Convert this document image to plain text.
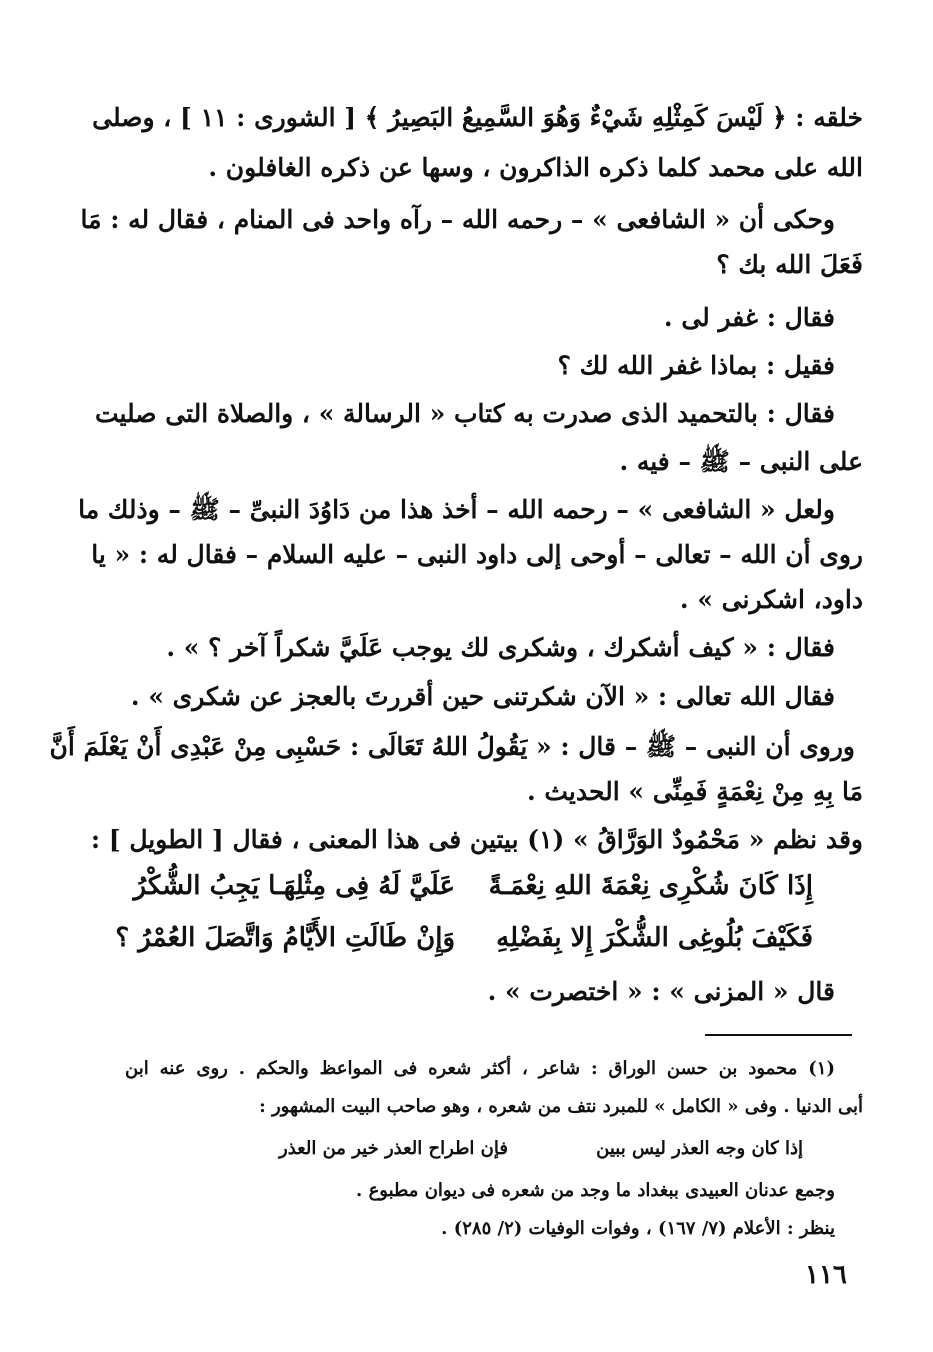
خلقه : ﴿ لَيْسَ كَمِثْلِهِ شَيْءٌ وَهُوَ السَّمِيعُ البَصِيرُ ﴾ [ الشورى : ١١ ] ، وصلى
الله على محمد كلما ذكره الذاكرون ، وسها عن ذكره الغافلون .
وحكى أن « الشافعى » – رحمه الله – رآه واحد فى المنام ، فقال له : مَا
فَعَلَ الله بك ؟
فقال : غفر لى .
فقيل : بماذا غفر الله لك ؟
فقال : بالتحميد الذى صدرت به كتاب « الرسالة » ، والصلاة التى صليت
على النبى – ﷺ – فيه .
ولعل « الشافعى » – رحمه الله – أخذ هذا من دَاوُدَ النبىِّ – ﷺ – وذلك ما
روى أن الله – تعالى – أوحى إلى داود النبى – عليه السلام – فقال له : « يا
داود، اشكرنى » .
فقال : « كيف أشكرك ، وشكرى لك يوجب عَلَيَّ شكراً آخر ؟ » .
فقال الله تعالى : « الآن شكرتنى حين أقررتَ بالعجز عن شكرى » .
وروى أن النبى – ﷺ – قال : « يَقُولُ اللهُ تَعَالَى : حَسْبِى مِنْ عَبْدِى أَنْ يَعْلَمَ أَنَّ
مَا بِهِ مِنْ نِعْمَةٍ فَمِنِّى » الحديث .
وقد نظم « مَحْمُودٌ الوَرَّاقُ » (١) بيتين فى هذا المعنى ، فقال [ الطويل ] :
إِذَا كَانَ شُكْرِى نِعْمَةَ اللهِ نِعْمَـةً
عَلَيَّ لَهُ فِى مِثْلِهَـا يَجِبُ الشُّكْرُ
فَكَيْفَ بُلُوغِى الشُّكْرَ إِلا بِفَضْلِهِ
وَإِنْ طَالَتِ الأَيَّامُ وَاتَّصَلَ العُمْرُ ؟
قال « المزنى » : « اختصرت » .
(١) محمود بن حسن الوراق : شاعر ، أكثر شعره فى المواعظ والحكم . روى عنه ابن
أبى الدنيا . وفى « الكامل » للمبرد نتف من شعره ، وهو صاحب البيت المشهور :
إذا كان وجه العذر ليس ببين
فإن اطراح العذر خير من العذر
وجمع عدنان العبيدى ببغداد ما وجد من شعره فى ديوان مطبوع .
ينظر : الأعلام (٧/ ١٦٧) ، وفوات الوفيات (٢/ ٢٨٥) .
١١٦
